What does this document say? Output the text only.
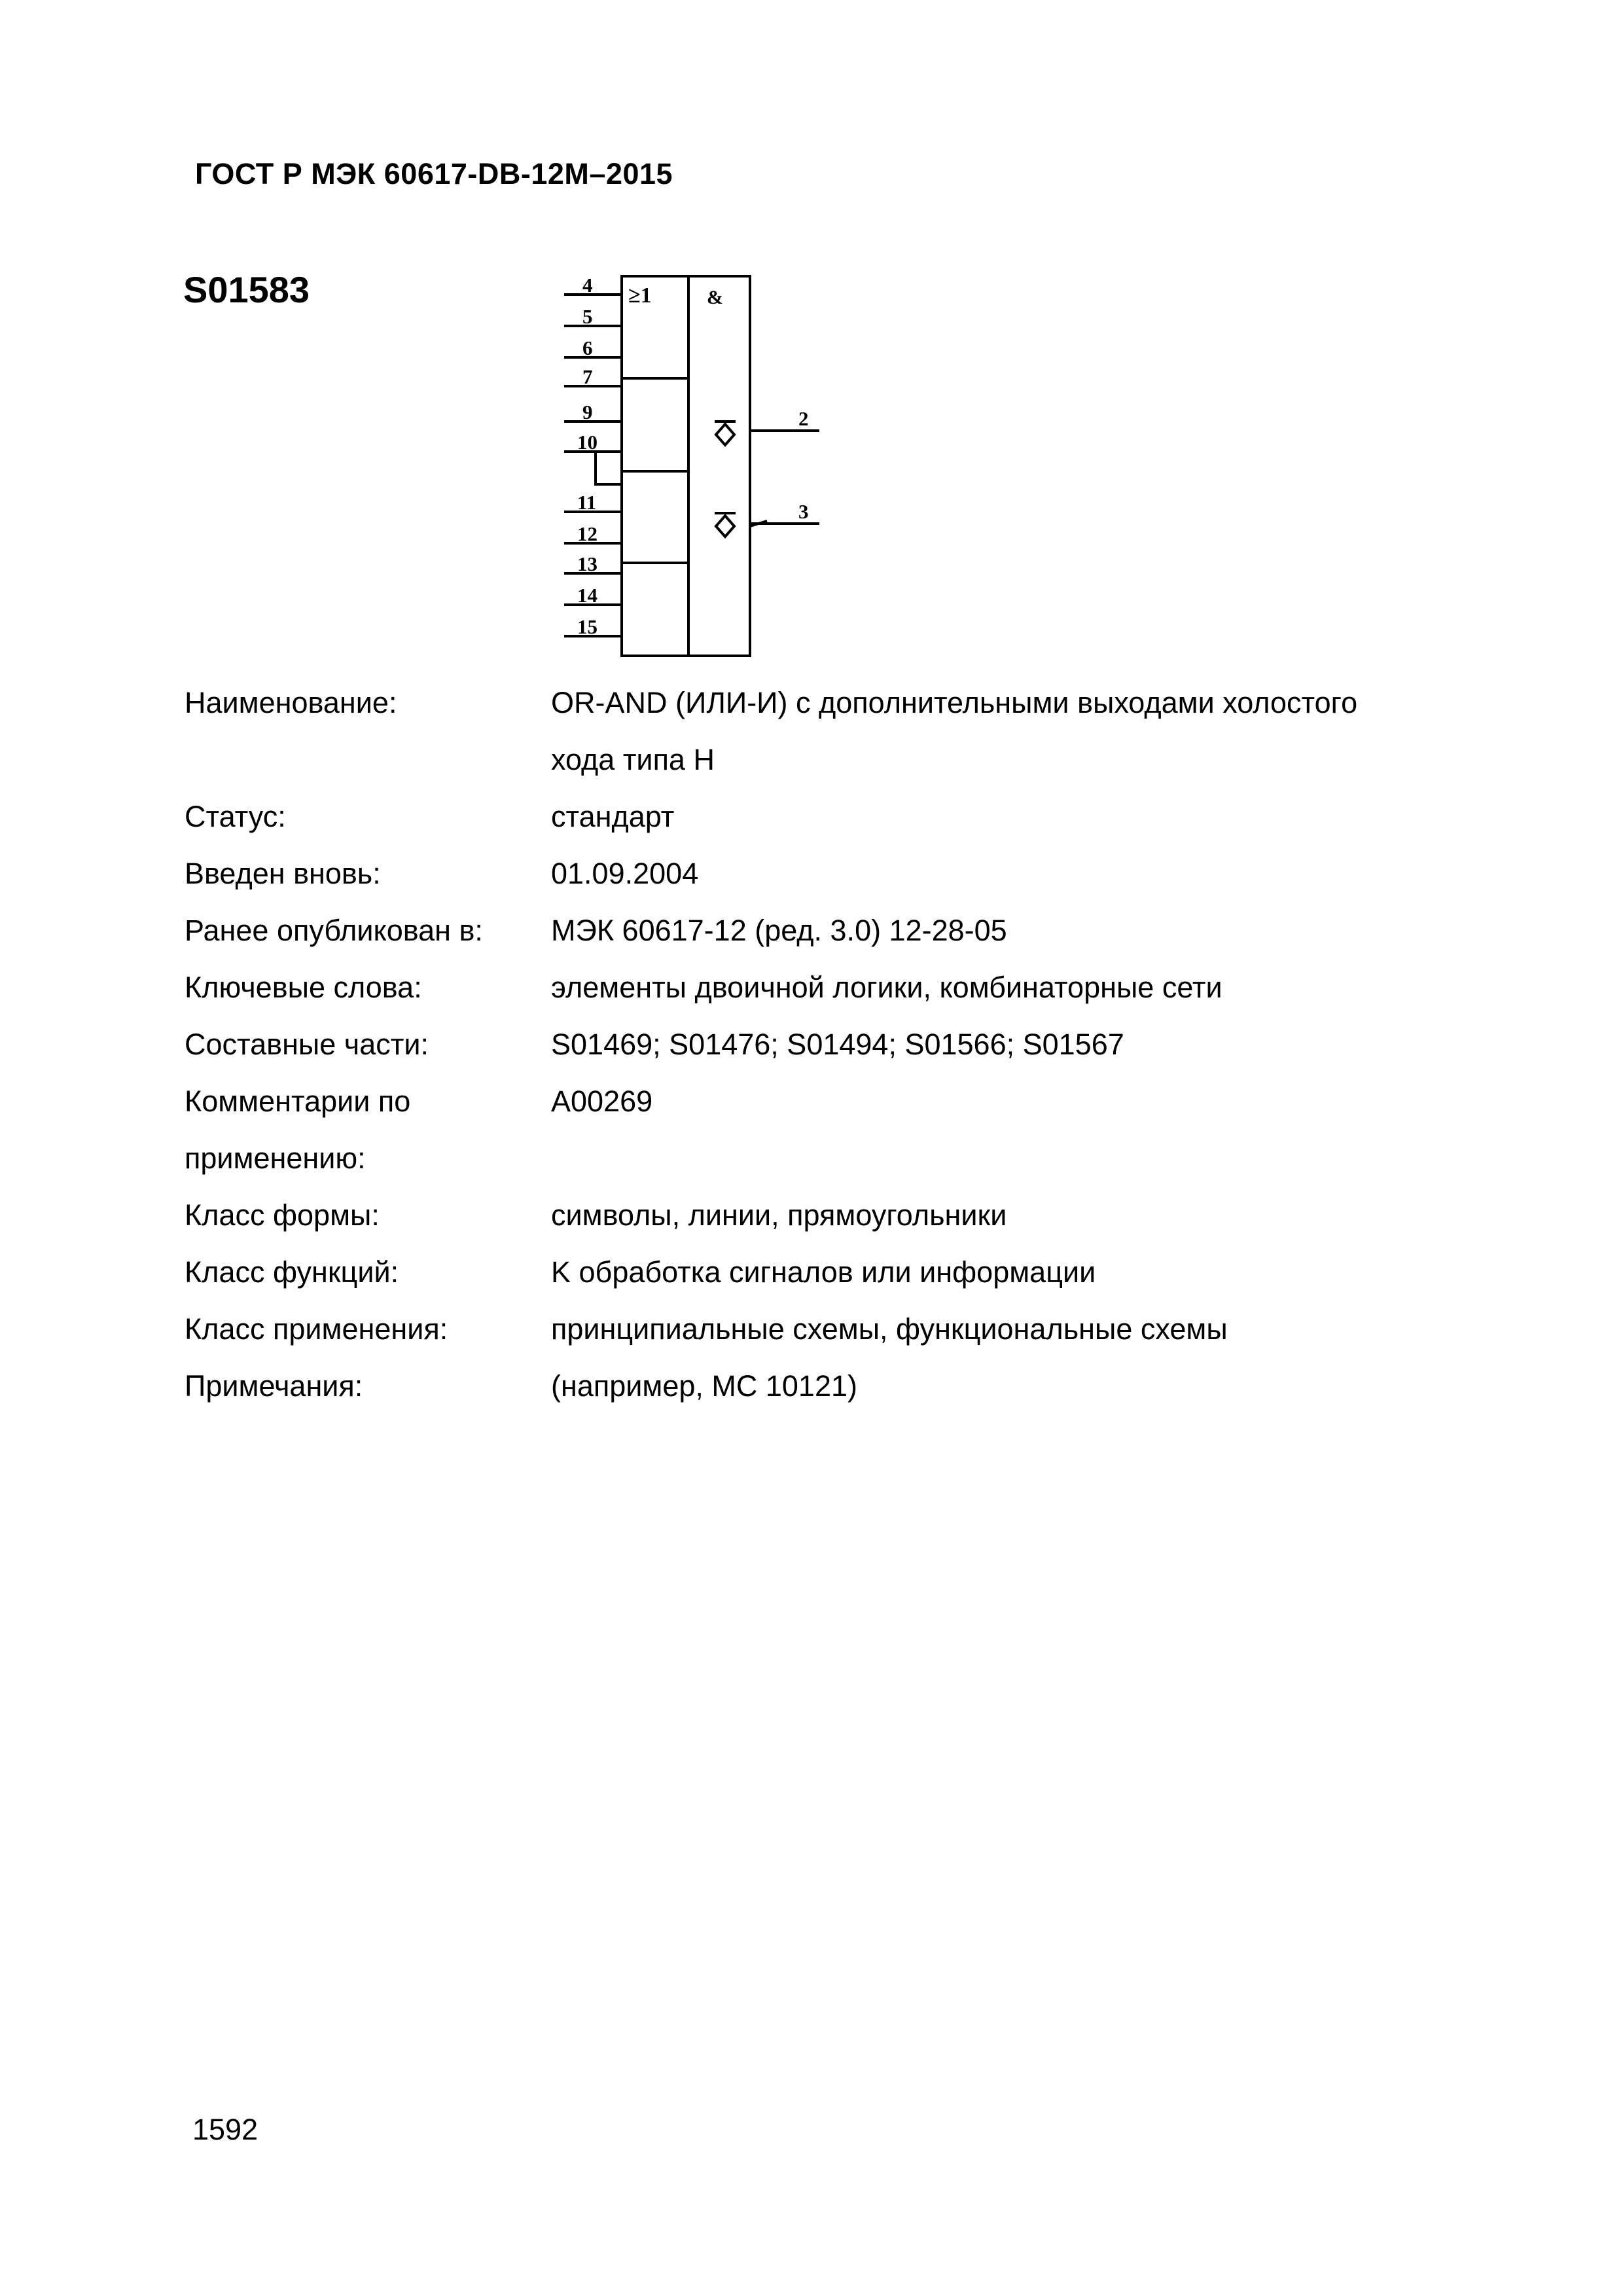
ГОСТ Р МЭК 60617-DB-12М–2015
S01583	≥1	&
4
5
6
7
9
10
11
12
13
14
15
2
3
Наименование:	OR-AND (ИЛИ-И) с дополнительными выходами холостого хода типа Н
Статус:	стандарт
Введен вновь:	01.09.2004
Ранее опубликован в:	МЭК 60617-12 (ред. 3.0) 12-28-05
Ключевые слова:	элементы двоичной логики, комбинаторные сети
Составные части:	S01469; S01476; S01494; S01566; S01567
Комментарии по применению:
A00269
Класс формы:	символы, линии, прямоугольники
Класс функций:	K обработка сигналов или информации
Класс применения:	принципиальные схемы, функциональные схемы
Примечания:	(например, MC 10121)
1592
